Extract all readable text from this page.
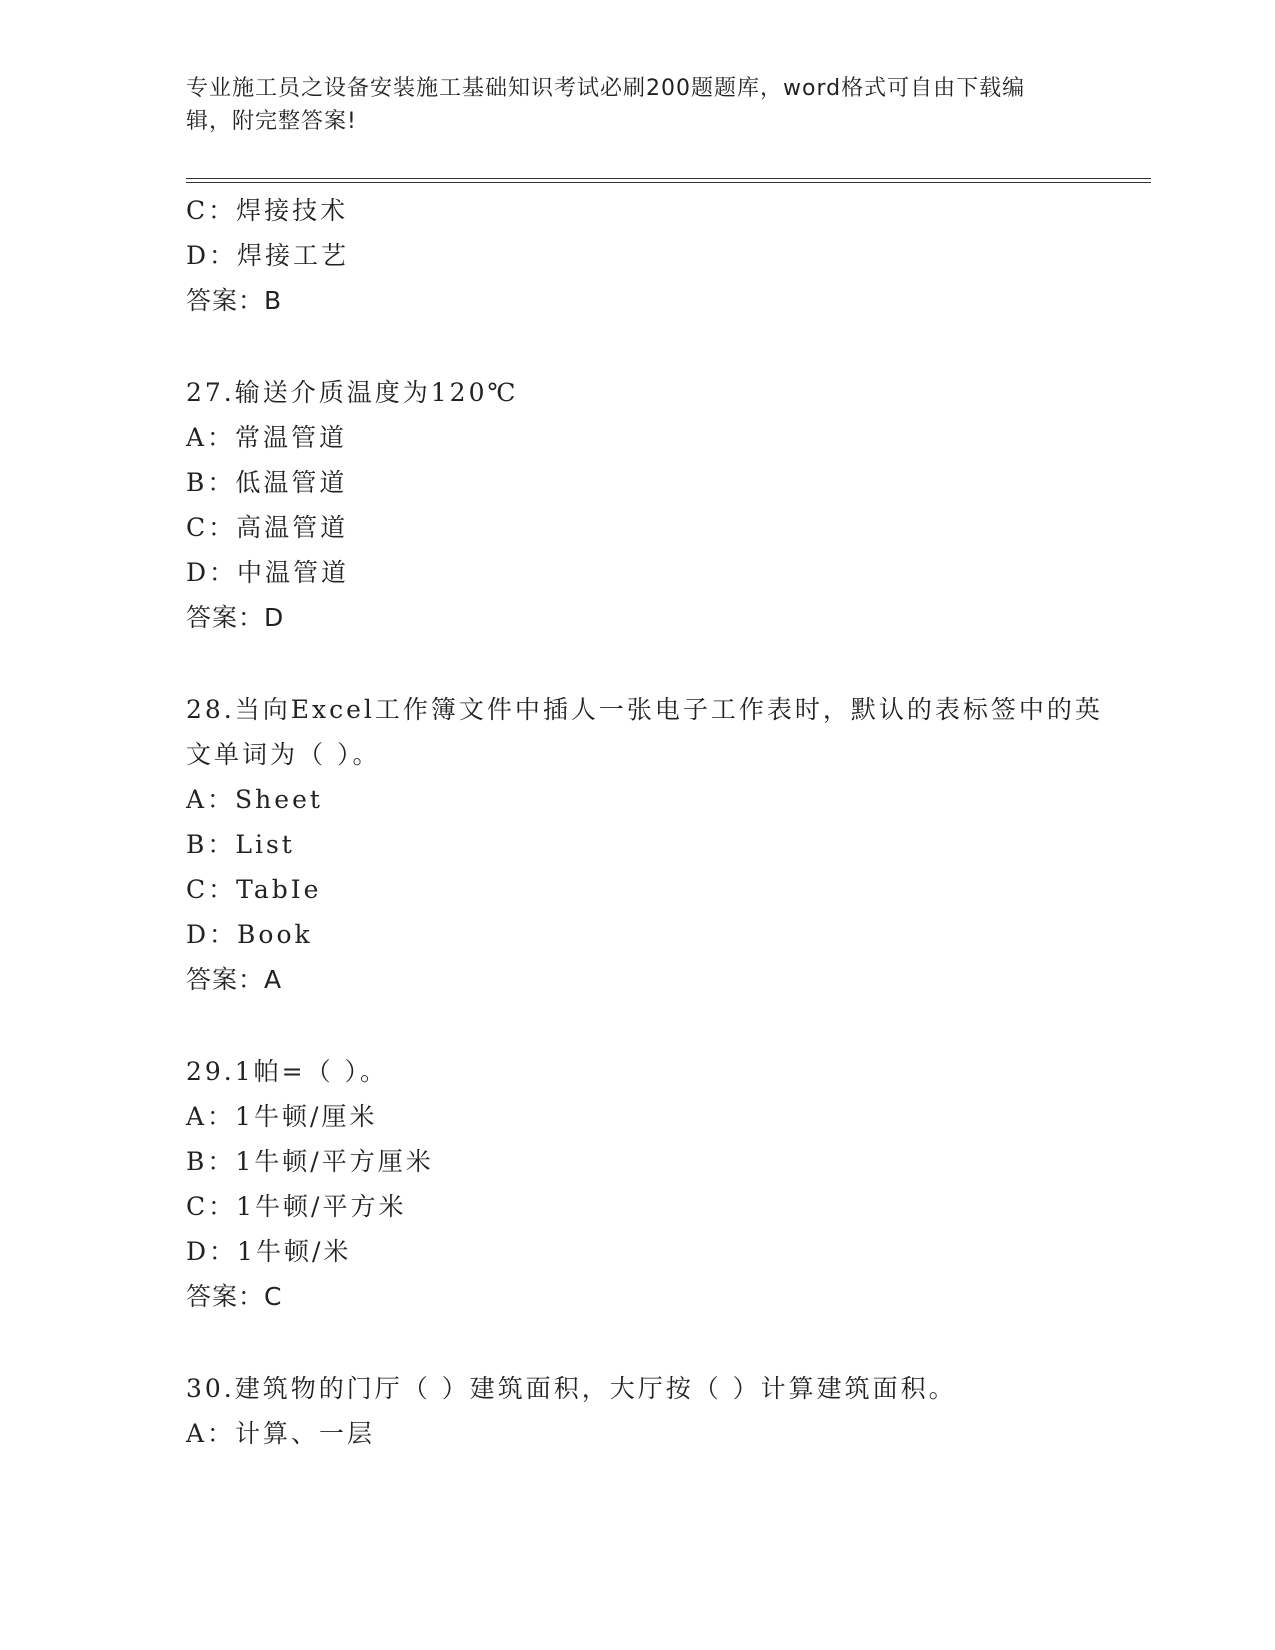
专业施工员之设备安装施工基础知识考试必刷200题题库，word格式可自由下载编辑，附完整答案!
C：焊接技术
D：焊接工艺
答案：B
27.输送介质温度为120℃
A：常温管道
B：低温管道
C：高温管道
D：中温管道
答案：D
28.当向Excel工作簿文件中插人一张电子工作表时，默认的表标签中的英文单词为（ ）。
A：Sheet
B：List
C：TabIe
D：Book
答案：A
29.1帕=（ ）。
A：1牛顿/厘米
B：1牛顿/平方厘米
C：1牛顿/平方米
D：1牛顿/米
答案：C
30.建筑物的门厅（ ）建筑面积，大厅按（ ）计算建筑面积。
A：计算、一层
